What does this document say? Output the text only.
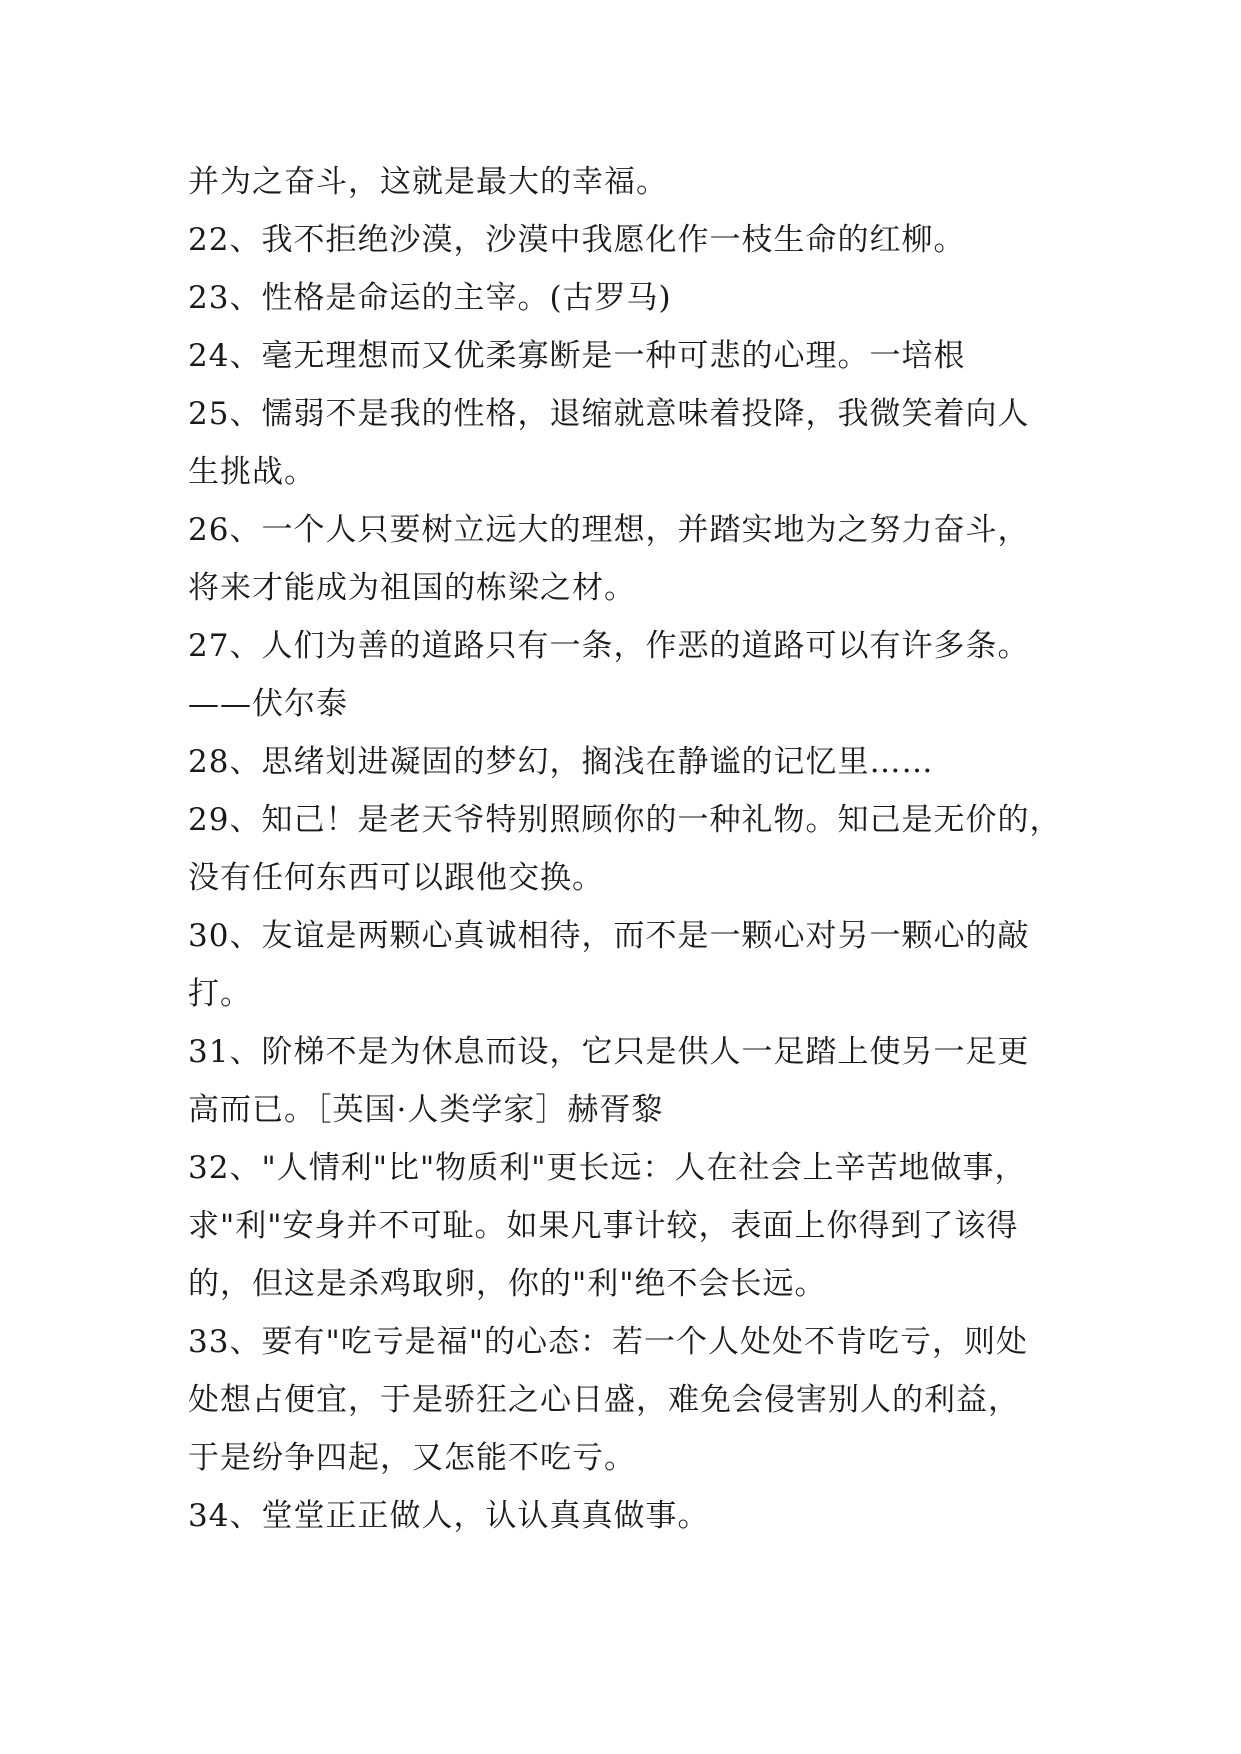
并为之奋斗，这就是最大的幸福。
22、我不拒绝沙漠，沙漠中我愿化作一枝生命的红柳。
23、性格是命运的主宰。(古罗马)
24、毫无理想而又优柔寡断是一种可悲的心理。一培根
25、懦弱不是我的性格，退缩就意味着投降，我微笑着向人
生挑战。
26、一个人只要树立远大的理想，并踏实地为之努力奋斗，
将来才能成为祖国的栋梁之材。
27、人们为善的道路只有一条，作恶的道路可以有许多条。
——伏尔泰
28、思绪划进凝固的梦幻，搁浅在静谧的记忆里……
29、知己！是老天爷特别照顾你的一种礼物。知己是无价的，
没有任何东西可以跟他交换。
30、友谊是两颗心真诚相待，而不是一颗心对另一颗心的敲
打。
31、阶梯不是为休息而设，它只是供人一足踏上使另一足更
高而已。［英国·人类学家］赫胥黎
32、"人情利"比"物质利"更长远：人在社会上辛苦地做事，
求"利"安身并不可耻。如果凡事计较，表面上你得到了该得
的，但这是杀鸡取卵，你的"利"绝不会长远。
33、要有"吃亏是福"的心态：若一个人处处不肯吃亏，则处
处想占便宜，于是骄狂之心日盛，难免会侵害别人的利益，
于是纷争四起，又怎能不吃亏。
34、堂堂正正做人，认认真真做事。
